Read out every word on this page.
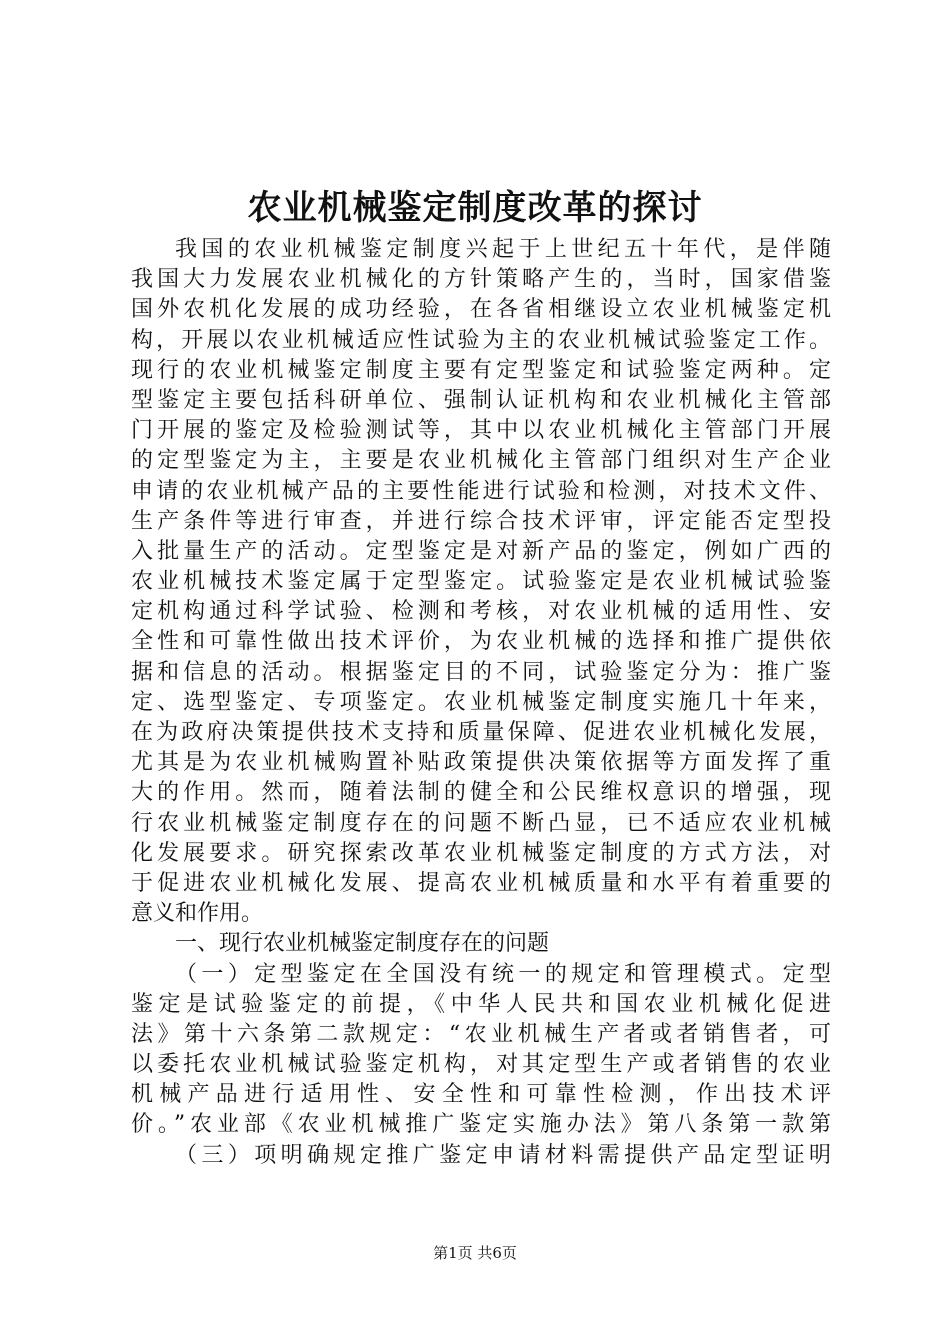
农业机械鉴定制度改革的探讨
我国的农业机械鉴定制度兴起于上世纪五十年代，是伴随
我国大力发展农业机械化的方针策略产生的，当时，国家借鉴
国外农机化发展的成功经验，在各省相继设立农业机械鉴定机
构，开展以农业机械适应性试验为主的农业机械试验鉴定工作。
现行的农业机械鉴定制度主要有定型鉴定和试验鉴定两种。定
型鉴定主要包括科研单位、强制认证机构和农业机械化主管部
门开展的鉴定及检验测试等，其中以农业机械化主管部门开展
的定型鉴定为主，主要是农业机械化主管部门组织对生产企业
申请的农业机械产品的主要性能进行试验和检测，对技术文件、
生产条件等进行审查，并进行综合技术评审，评定能否定型投
入批量生产的活动。定型鉴定是对新产品的鉴定，例如广西的
农业机械技术鉴定属于定型鉴定。试验鉴定是农业机械试验鉴
定机构通过科学试验、检测和考核，对农业机械的适用性、安
全性和可靠性做出技术评价，为农业机械的选择和推广提供依
据和信息的活动。根据鉴定目的不同，试验鉴定分为：推广鉴
定、选型鉴定、专项鉴定。农业机械鉴定制度实施几十年来，
在为政府决策提供技术支持和质量保障、促进农业机械化发展，
尤其是为农业机械购置补贴政策提供决策依据等方面发挥了重
大的作用。然而，随着法制的健全和公民维权意识的增强，现
行农业机械鉴定制度存在的问题不断凸显，已不适应农业机械
化发展要求。研究探索改革农业机械鉴定制度的方式方法，对
于促进农业机械化发展、提高农业机械质量和水平有着重要的
意义和作用。
一、现行农业机械鉴定制度存在的问题
（一）定型鉴定在全国没有统一的规定和管理模式。定型
鉴定是试验鉴定的前提，《中华人民共和国农业机械化促进
法》第十六条第二款规定：“农业机械生产者或者销售者，可
以委托农业机械试验鉴定机构，对其定型生产或者销售的农业
机械产品进行适用性、安全性和可靠性检测，作出技术评
价。”农业部《农业机械推广鉴定实施办法》第八条第一款第
（三）项明确规定推广鉴定申请材料需提供产品定型证明
第1页 共6页
